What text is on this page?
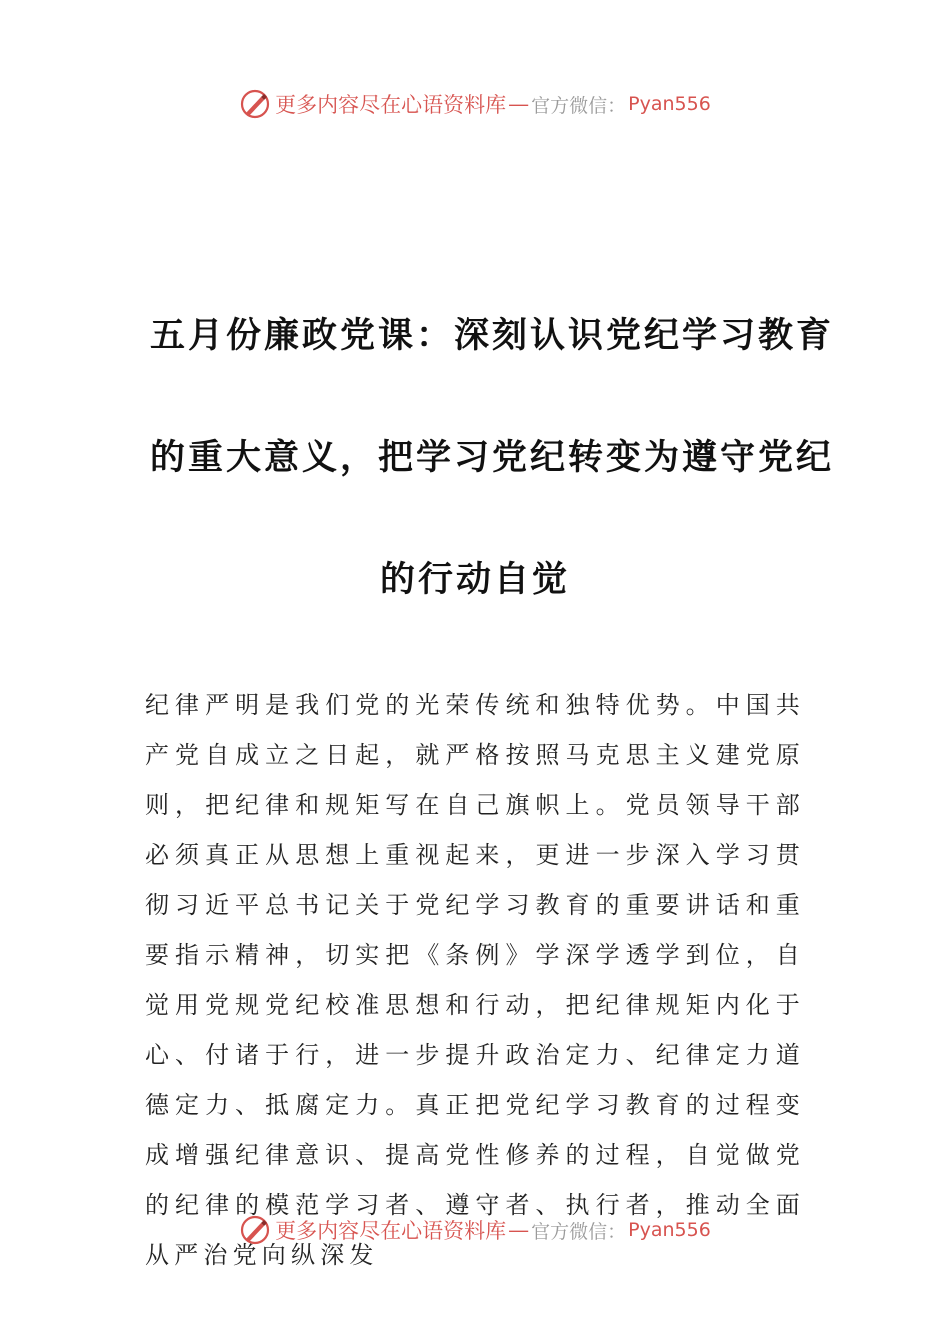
更多内容尽在心语资料库 — 官方微信： Pyan556
五月份廉政党课：深刻认识党纪学习教育
的重大意义，把学习党纪转变为遵守党纪
的行动自觉

纪律严明是我们党的光荣传统和独特优势。中国共产党自成立之日起，就严格按照马克思主义建党原则，把纪律和规矩写在自己旗帜上。党员领导干部必须真正从思想上重视起来，更进一步深入学习贯彻习近平总书记关于党纪学习教育的重要讲话和重要指示精神，切实把《条例》学深学透学到位，自觉用党规党纪校准思想和行动，把纪律规矩内化于心、付诸于行，进一步提升政治定力、纪律定力道德定力、抵腐定力。真正把党纪学习教育的过程变成增强纪律意识、提高党性修养的过程，自觉做党的纪律的模范学习者、遵守者、执行者，推动全面从严治党向纵深发

更多内容尽在心语资料库 — 官方微信： Pyan556
